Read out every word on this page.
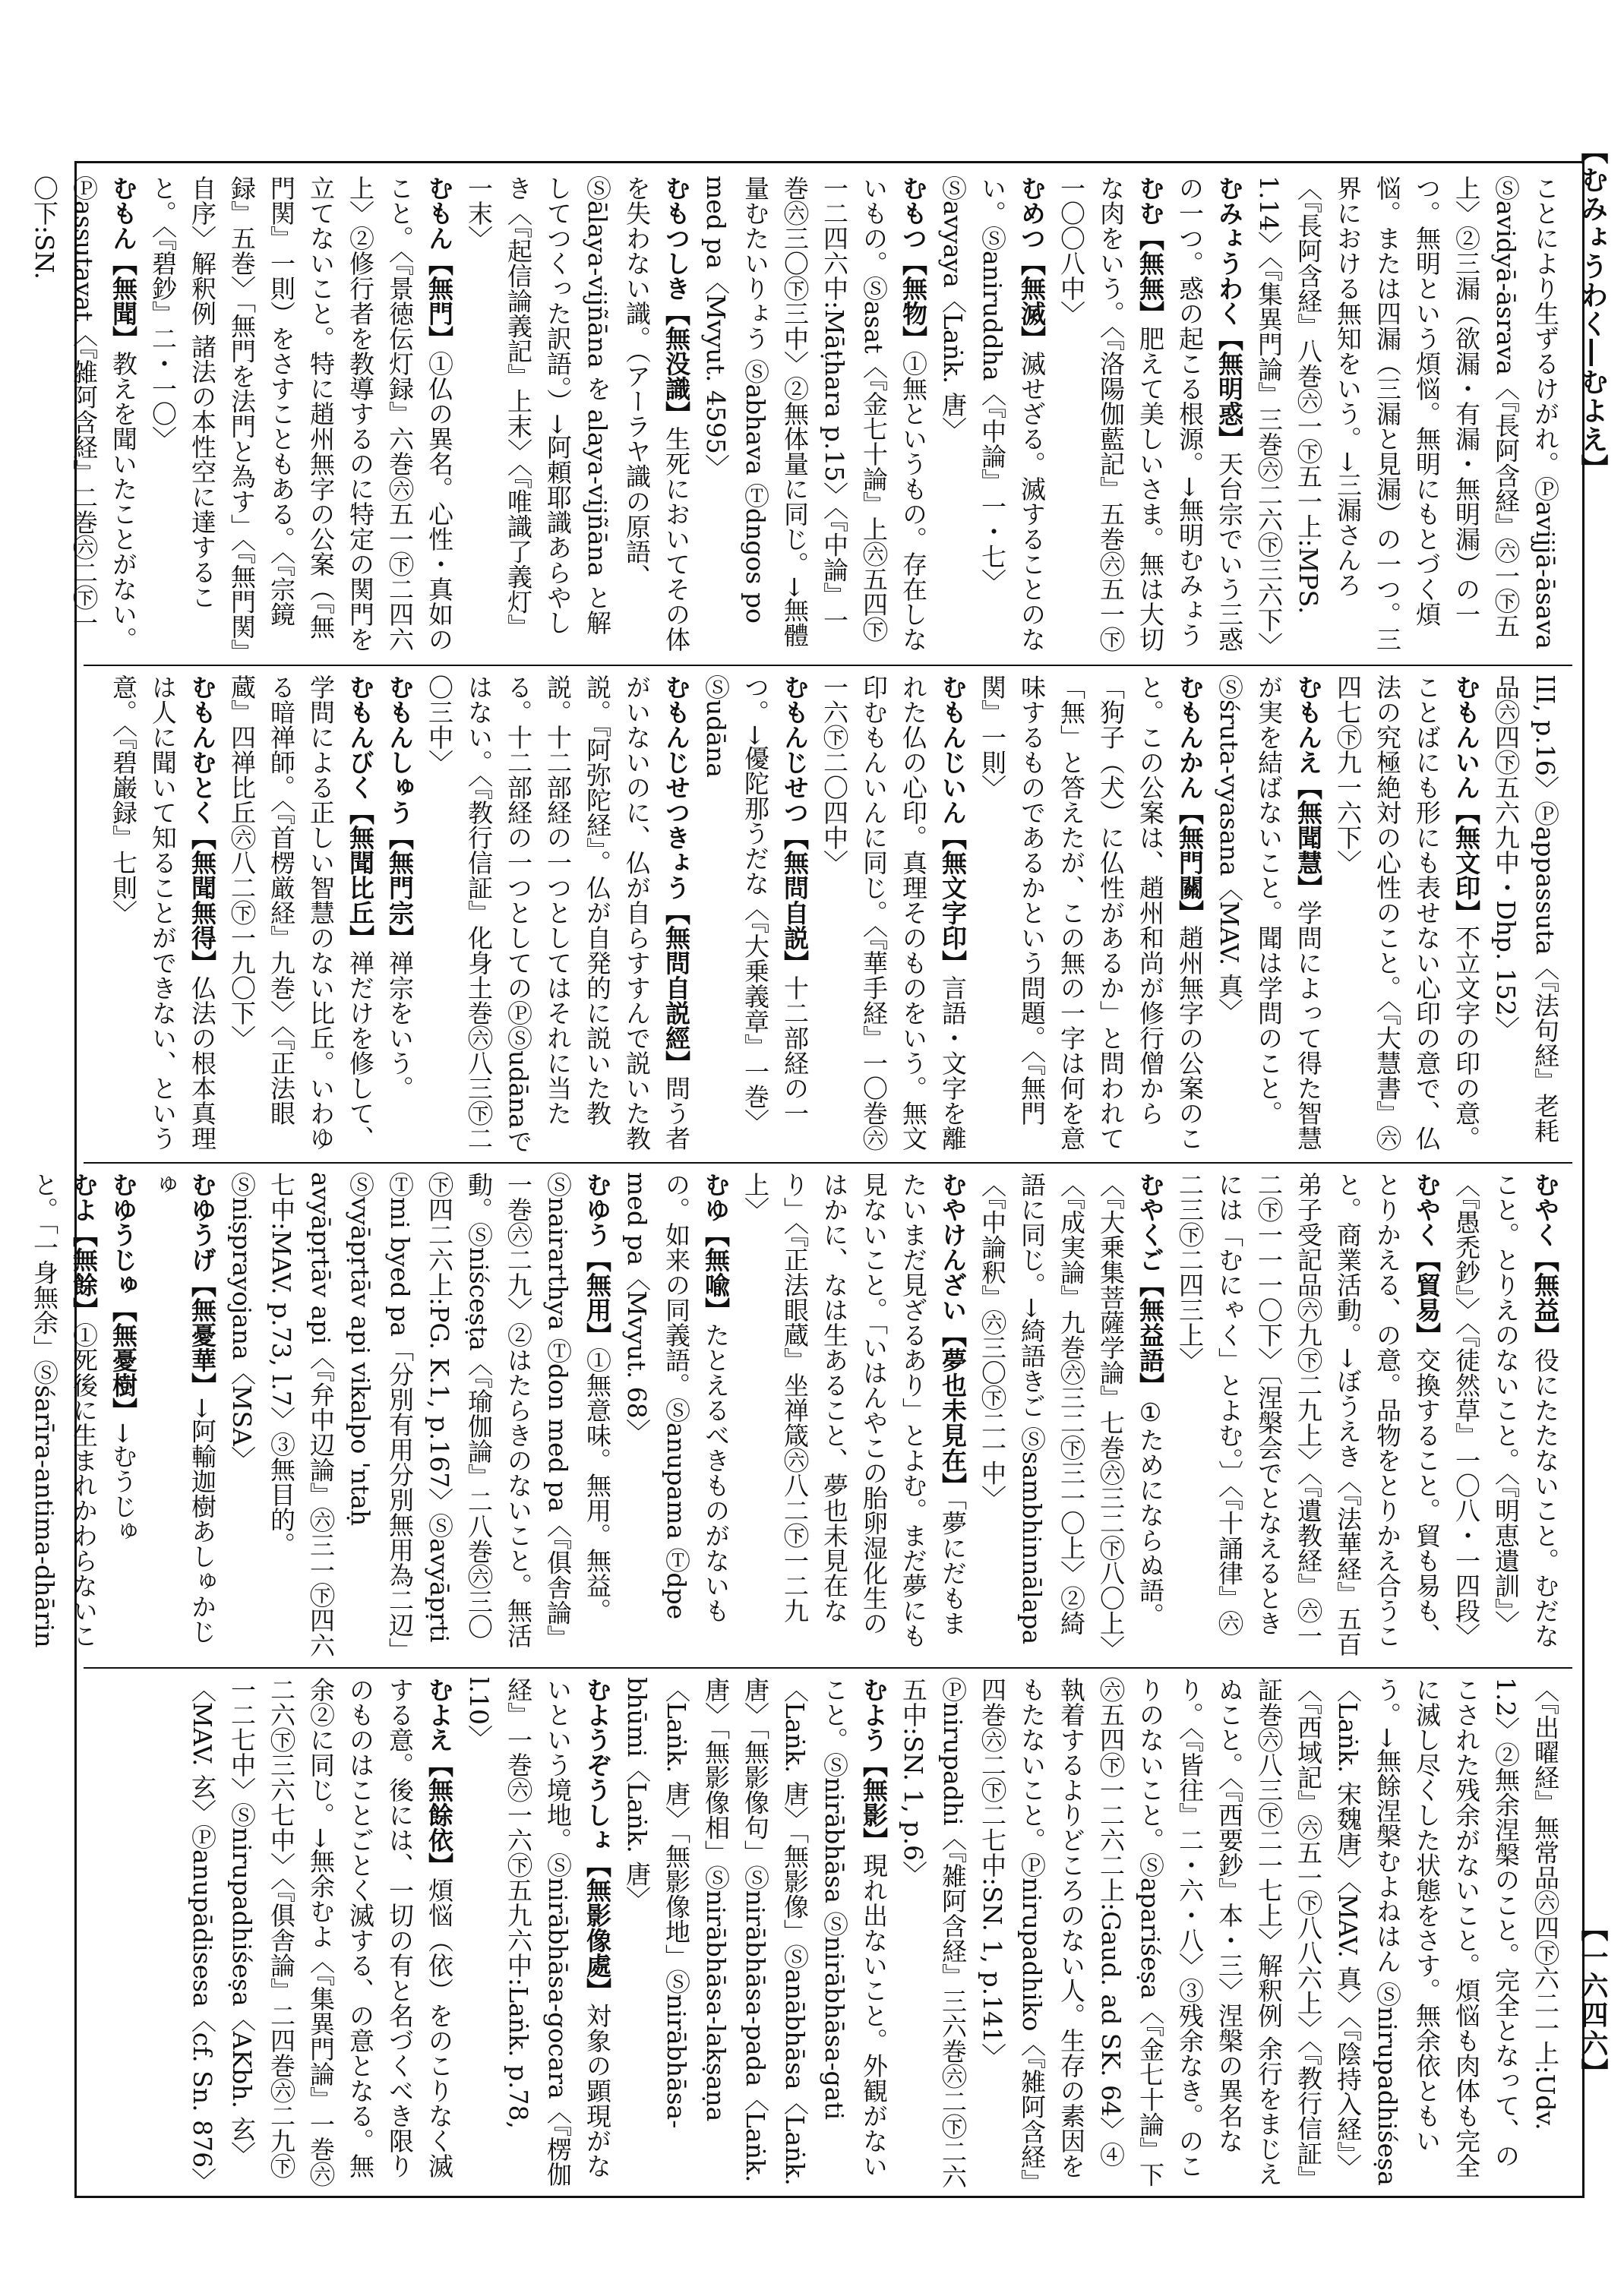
【むみょうわく―むよえ】
【一六四六】

ことにより生ずるけがれ。Ⓟavijjā-āsava Ⓢavidyā-āsrava〈『長阿含経』㊅一㊦五上〉②三漏（欲漏・有漏・無明漏）の一つ。無明という煩悩。無明にもとづく煩悩。または四漏（三漏と見漏）の一つ。三界における無知をいう。→三漏さんろ〈『長阿含経』八巻㊅一㊦五一上:MPS. 1.14〉〈『集異門論』三巻㊅二六㊦三六下〉

むみょうわく【無明惑】天台宗でいう三惑の一つ。惑の起こる根源。→無明むみょう

むむ【無無】肥えて美しいさま。無は大切な肉をいう。〈『洛陽伽藍記』五巻㊅五一㊦一〇〇八中〉

むめつ【無滅】滅せざる。滅することのない。Ⓢaniruddha〈『中論』一・七〉Ⓢavyaya〈Laṅk. 唐〉

むもつ【無物】①無というもの。存在しないもの。Ⓢasat〈『金七十論』上㊅五四㊦一二四六中:Māṭhara p.15〉〈『中論』一巻㊅三〇㊦三中〉②無体量に同じ。→無體量むたいりょう Ⓢabhava Ⓣdngos po med pa〈Mvyut. 4595〉

むもつしき【無没識】生死においてその体を失わない識。（アーラヤ識の原語、Ⓢālaya-vijñāna を alaya-vijñāna と解してつくった訳語。）→阿頼耶識あらやしき〈『起信論義記』上末〉〈『唯識了義灯』一末〉

むもん【無門】①仏の異名。心性・真如のこと。〈『景徳伝灯録』六巻㊅五一㊦二四六上〉②修行者を教導するのに特定の関門を立てないこと。特に趙州無字の公案（『無門関』一則）をさすこともある。〈『宗鏡録』五巻〉「無門を法門と為す」〈『無門関』自序〉解釈例 諸法の本性空に達すること。〈『碧鈔』二・一〇〉

むもん【無聞】教えを聞いたことがない。Ⓟassutavat〈『雑阿含経』二巻㊅二㊦一〇下:SN.

III, p.16〉Ⓟappassuta〈『法句経』老耗品㊅四㊦五六九中・Dhp. 152〉

むもんいん【無文印】不立文字の印の意。ことばにも形にも表せない心印の意で、仏法の究極絶対の心性のこと。〈『大慧書』㊅四七㊦九一六下〉

むもんえ【無聞慧】学問によって得た智慧が実を結ばないこと。聞は学問のこと。Ⓢśruta-vyasana〈MAV. 真〉

むもんかん【無門關】趙州無字の公案のこと。この公案は、趙州和尚が修行僧から「狗子（犬）に仏性があるか」と問われて「無」と答えたが、この無の一字は何を意味するものであるかという問題。〈『無門関』一則〉

むもんじいん【無文字印】言語・文字を離れた仏の心印。真理そのものをいう。無文印むもんいんに同じ。〈『華手経』一〇巻㊅一六㊦二〇四中〉

むもんじせつ【無問自説】十二部経の一つ。→優陀那うだな〈『大乗義章』一巻〉Ⓢudāna

むもんじせつきょう【無問自説經】問う者がいないのに、仏が自らすすんで説いた教説。『阿弥陀経』。仏が自発的に説いた教説。十二部経の一つとしてはそれに当たる。十二部経の一つとしてのⓅⓈudānaではない。〈『教行信証』化身土巻㊅八三㊦二〇三中〉

むもんしゅう【無門宗】禅宗をいう。

むもんびく【無聞比丘】禅だけを修して、学問による正しい智慧のない比丘。いわゆる暗禅師。〈『首楞厳経』九巻〉〈『正法眼蔵』四禅比丘㊅八二㊦一九〇下〉

むもんむとく【無聞無得】仏法の根本真理は人に聞いて知ることができない、という意。〈『碧巌録』七則〉

むやく【無益】役にたたないこと。むだなこと。とりえのないこと。〈『明恵遺訓』〉〈『愚禿鈔』〉〈『徒然草』一〇八・一四段〉

むやく【貿易】交換すること。貿も易も、とりかえる、の意。品物をとりかえ合うこと。商業活動。→ぼうえき〈『法華経』五百弟子受記品㊅九㊦二九上〉〈『遺教経』㊅一二㊦一一一〇下〉〔涅槃会でとなえるときには「むにゃく」とよむ。〕〈『十誦律』㊅二三㊦二四三上〉

むやくご【無益語】①ためにならぬ語。〈『大乗集菩薩学論』七巻㊅三二㊦八〇上〉〈『成実論』九巻㊅三二㊦三一〇上〉②綺語に同じ。→綺語きご Ⓢsambhinnālapa〈『中論釈』㊅三〇㊦二一中〉

むやけんざい【夢也未見在】「夢にだもまたいまだ見ざるあり」とよむ。まだ夢にも見ないこと。「いはんやこの胎卵湿化生のはかに、なは生あること、夢也未見在なり」〈『正法眼蔵』坐禅箴㊅八二㊦一二九上〉

むゆ【無喩】たとえるべきものがないもの。如来の同義語。Ⓢanupama Ⓣdpe med pa〈Mvyut. 68〉

むゆう【無用】①無意味。無用。無益。Ⓢnairarthya Ⓣdon med pa〈『俱舎論』一巻㊅二九〉②はたらきのないこと。無活動。Ⓢniśceṣṭa〈『瑜伽論』二八巻㊅三〇㊦四二六上:PG. K.1, p.167〉Ⓢavyāpṛti Ⓣmi byed pa「分別有用分別無用為二辺」Ⓢvyāpṛtāv api vikalpo 'ntaḥ avyāpṛtāv api〈『弁中辺論』㊅三一㊦四六七中:MAV. p.73, l.7〉③無目的。Ⓢniṣprayojana〈MSA〉

むゆうげ【無憂華】→阿輸迦樹あしゅかじゅ

むゆうじゅ【無憂樹】→むうじゅ

むよ【無餘】①死後に生まれかわらないこと。「一身無余」Ⓢśarīra-antima-dhārin

〈『出曜経』無常品㊅四㊦六二一上:Udv. 1.2〉②無余涅槃のこと。完全となって、のこされた残余がないこと。煩悩も肉体も完全に滅し尽くした状態をさす。無余依ともいう。→無餘涅槃むよねはん Ⓢnirupadhiśeṣa〈Laṅk. 宋魏唐〉〈MAV. 真〉〈『陰持入経』〉〈『西域記』㊅五一㊦八八六上〉〈『教行信証』証巻㊅八三㊦二一七上〉解釈例 余行をまじえぬこと。〈『西要鈔』本・三〉涅槃の異名なり。〈『皆往』二・六・八〉③残余なき。のこりのないこと。Ⓢapariśeṣa〈『金七十論』下㊅五四㊦一二六二上:Gaud. ad SK. 64〉④執着するよりどころのない人。生存の素因をもたないこと。Ⓟnirupadhiko〈『雑阿含経』四巻㊅二㊦二七中:SN. 1, p.141〉Ⓟnirupadhi〈『雑阿含経』三六巻㊅二㊦二六五中:SN. 1, p.6〉

むよう【無影】現れ出ないこと。外観がないこと。Ⓢnirābhāsa Ⓢnirābhāsa-gati〈Laṅk. 唐〉「無影像」Ⓢanābhāsa〈Laṅk. 唐〉「無影像句」Ⓢnirābhāsa-pada〈Laṅk. 唐〉「無影像相」Ⓢnirābhāsa-lakṣaṇa〈Laṅk. 唐〉「無影像地」Ⓢnirābhāsa-bhūmi〈Laṅk. 唐〉

むようぞうしょ【無影像處】対象の顕現がないという境地。Ⓢnirābhāsa-gocara〈『楞伽経』一巻㊅一六㊦五九六中:Laṅk. p.78, l.10〉

むよえ【無餘依】煩悩（依）をのこりなく滅する意。後には、一切の有と名づくべき限りのものはことごとく滅する、の意となる。無余②に同じ。→無余むよ〈『集異門論』一巻㊅二六㊦三六七中〉〈『俱舎論』二四巻㊅二九㊦一二七中〉Ⓢnirupadhiśeṣa〈AKbh. 玄〉〈MAV. 玄〉Ⓟanupādisesa〈cf. Sn. 876〉
